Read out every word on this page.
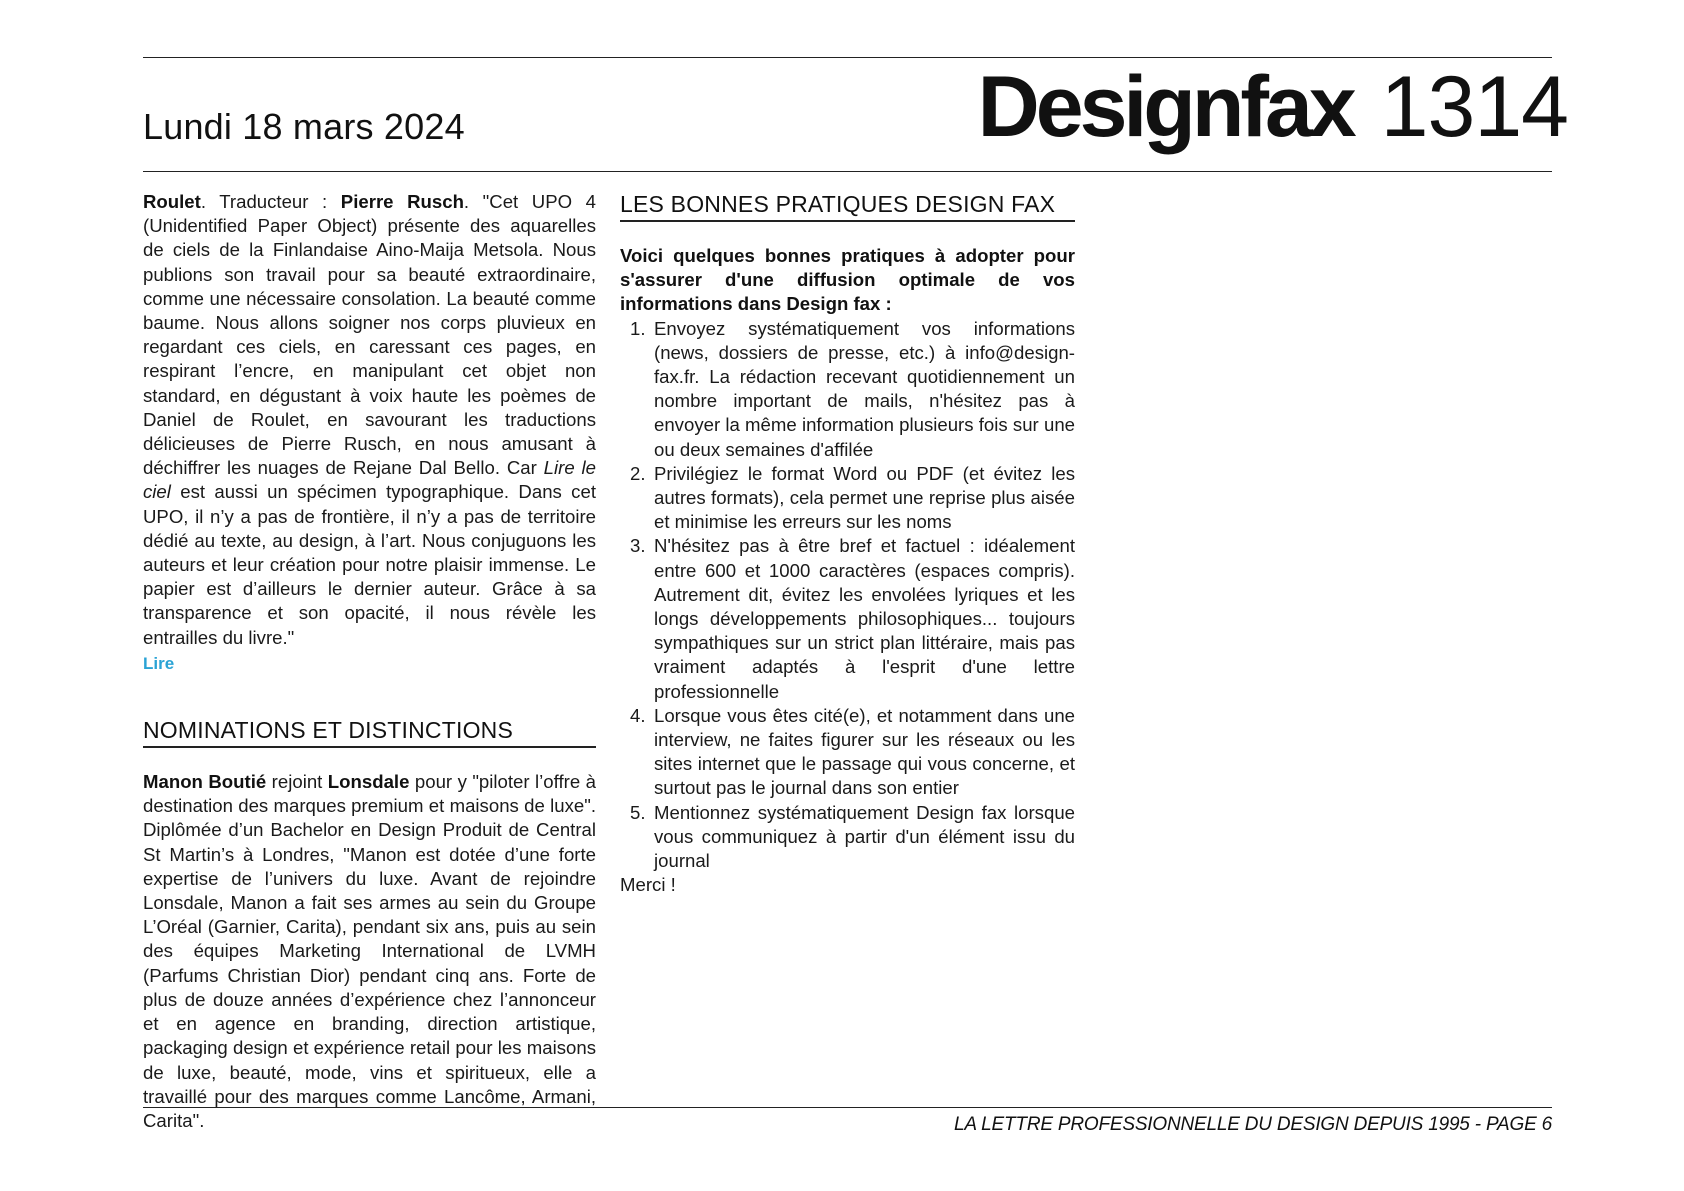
Lundi 18 mars 2024	Designfax 1314

Roulet. Traducteur : Pierre Rusch. "Cet UPO 4 (Unidentified Paper Object) présente des aquarelles de ciels de la Finlandaise Aino-Maija Metsola. Nous publions son travail pour sa beauté extraordinaire, comme une nécessaire consolation. La beauté comme baume. Nous allons soigner nos corps pluvieux en regardant ces ciels, en caressant ces pages, en respirant l’encre, en manipulant cet objet non standard, en dégustant à voix haute les poèmes de Daniel de Roulet, en savourant les traductions délicieuses de Pierre Rusch, en nous amusant à déchiffrer les nuages de Rejane Dal Bello. Car Lire le ciel est aussi un spécimen typographique. Dans cet UPO, il n’y a pas de frontière, il n’y a pas de territoire dédié au texte, au design, à l’art. Nous conjuguons les auteurs et leur création pour notre plaisir immense. Le papier est d’ailleurs le dernier auteur. Grâce à sa transparence et son opacité, il nous révèle les entrailles du livre."

Lire
NOMINATIONS ET DISTINCTIONS

Manon Boutié rejoint Lonsdale pour y "piloter l’offre à destination des marques premium et maisons de luxe". Diplômée d’un Bachelor en Design Produit de Central St Martin’s à Londres, "Manon est dotée d’une forte expertise de l’univers du luxe. Avant de rejoindre Lonsdale, Manon a fait ses armes au sein du Groupe L’Oréal (Garnier, Carita), pendant six ans, puis au sein des équipes Marketing International de LVMH (Parfums Christian Dior) pendant cinq ans. Forte de plus de douze années d’expérience chez l’annonceur et en agence en branding, direction artistique, packaging design et expérience retail pour les maisons de luxe, beauté, mode, vins et spiritueux, elle a travaillé pour des marques comme Lancôme, Armani, Carita".

LES BONNES PRATIQUES DESIGN FAX

Voici quelques bonnes pratiques à adopter pour s'assurer d'une diffusion optimale de vos informations dans Design fax :

1. Envoyez systématiquement vos informations (news, dossiers de presse, etc.) à info@design-fax.fr. La rédaction recevant quotidiennement un nombre important de mails, n'hésitez pas à envoyer la même information plusieurs fois sur une ou deux semaines d'affilée
2. Privilégiez le format Word ou PDF (et évitez les autres formats), cela permet une reprise plus aisée et minimise les erreurs sur les noms
3. N'hésitez pas à être bref et factuel : idéalement entre 600 et 1000 caractères (espaces compris). Autrement dit, évitez les envolées lyriques et les longs développements philosophiques... toujours sympathiques sur un strict plan littéraire, mais pas vraiment adaptés à l'esprit d'une lettre professionnelle
4. Lorsque vous êtes cité(e), et notamment dans une interview, ne faites figurer sur les réseaux ou les sites internet que le passage qui vous concerne, et surtout pas le journal dans son entier
5. Mentionnez systématiquement Design fax lorsque vous communiquez à partir d'un élément issu du journal

Merci !

LA LETTRE PROFESSIONNELLE DU DESIGN DEPUIS 1995 - PAGE 6
